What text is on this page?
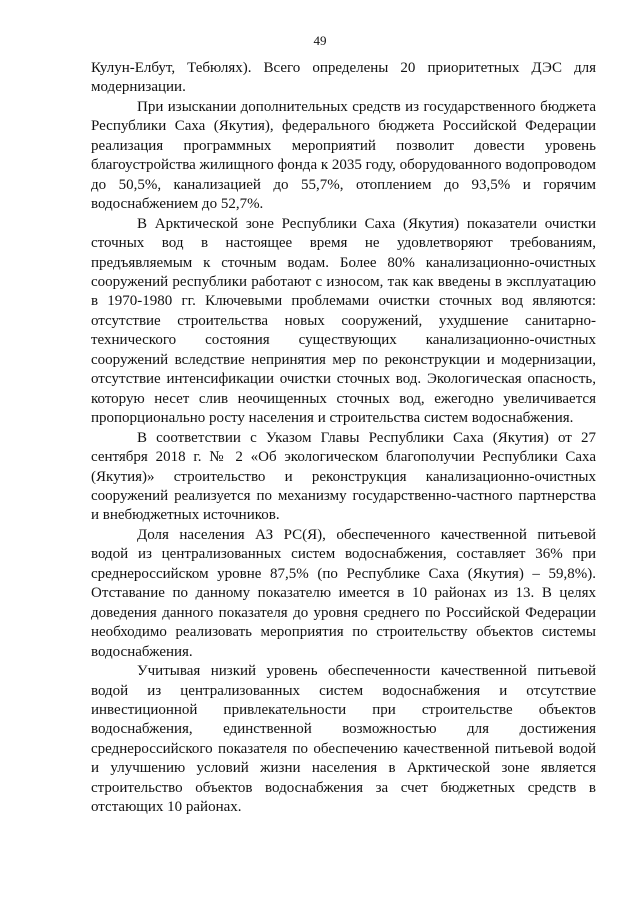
49

Кулун-Елбут, Тебюлях). Всего определены 20 приоритетных ДЭС для модернизации.

При изыскании дополнительных средств из государственного бюджета Республики Саха (Якутия), федерального бюджета Российской Федерации реализация программных мероприятий позволит довести уровень благоустройства жилищного фонда к 2035 году, оборудованного водопроводом до 50,5%, канализацией до 55,7%, отоплением до 93,5% и горячим водоснабжением до 52,7%.

В Арктической зоне Республики Саха (Якутия) показатели очистки сточных вод в настоящее время не удовлетворяют требованиям, предъявляемым к сточным водам. Более 80% канализационно-очистных сооружений республики работают с износом, так как введены в эксплуатацию в 1970-1980 гг. Ключевыми проблемами очистки сточных вод являются: отсутствие строительства новых сооружений, ухудшение санитарно-технического состояния существующих канализационно-очистных сооружений вследствие непринятия мер по реконструкции и модернизации, отсутствие интенсификации очистки сточных вод. Экологическая опасность, которую несет слив неочищенных сточных вод, ежегодно увеличивается пропорционально росту населения и строительства систем водоснабжения.

В соответствии с Указом Главы Республики Саха (Якутия) от 27 сентября 2018 г. № 2 «Об экологическом благополучии Республики Саха (Якутия)» строительство и реконструкция канализационно-очистных сооружений реализуется по механизму государственно-частного партнерства и внебюджетных источников.

Доля населения АЗ РС(Я), обеспеченного качественной питьевой водой из централизованных систем водоснабжения, составляет 36% при среднероссийском уровне 87,5% (по Республике Саха (Якутия) – 59,8%). Отставание по данному показателю имеется в 10 районах из 13. В целях доведения данного показателя до уровня среднего по Российской Федерации необходимо реализовать мероприятия по строительству объектов системы водоснабжения.

Учитывая низкий уровень обеспеченности качественной питьевой водой из централизованных систем водоснабжения и отсутствие инвестиционной привлекательности при строительстве объектов водоснабжения, единственной возможностью для достижения среднероссийского показателя по обеспечению качественной питьевой водой и улучшению условий жизни населения в Арктической зоне является строительство объектов водоснабжения за счет бюджетных средств в отстающих 10 районах.
